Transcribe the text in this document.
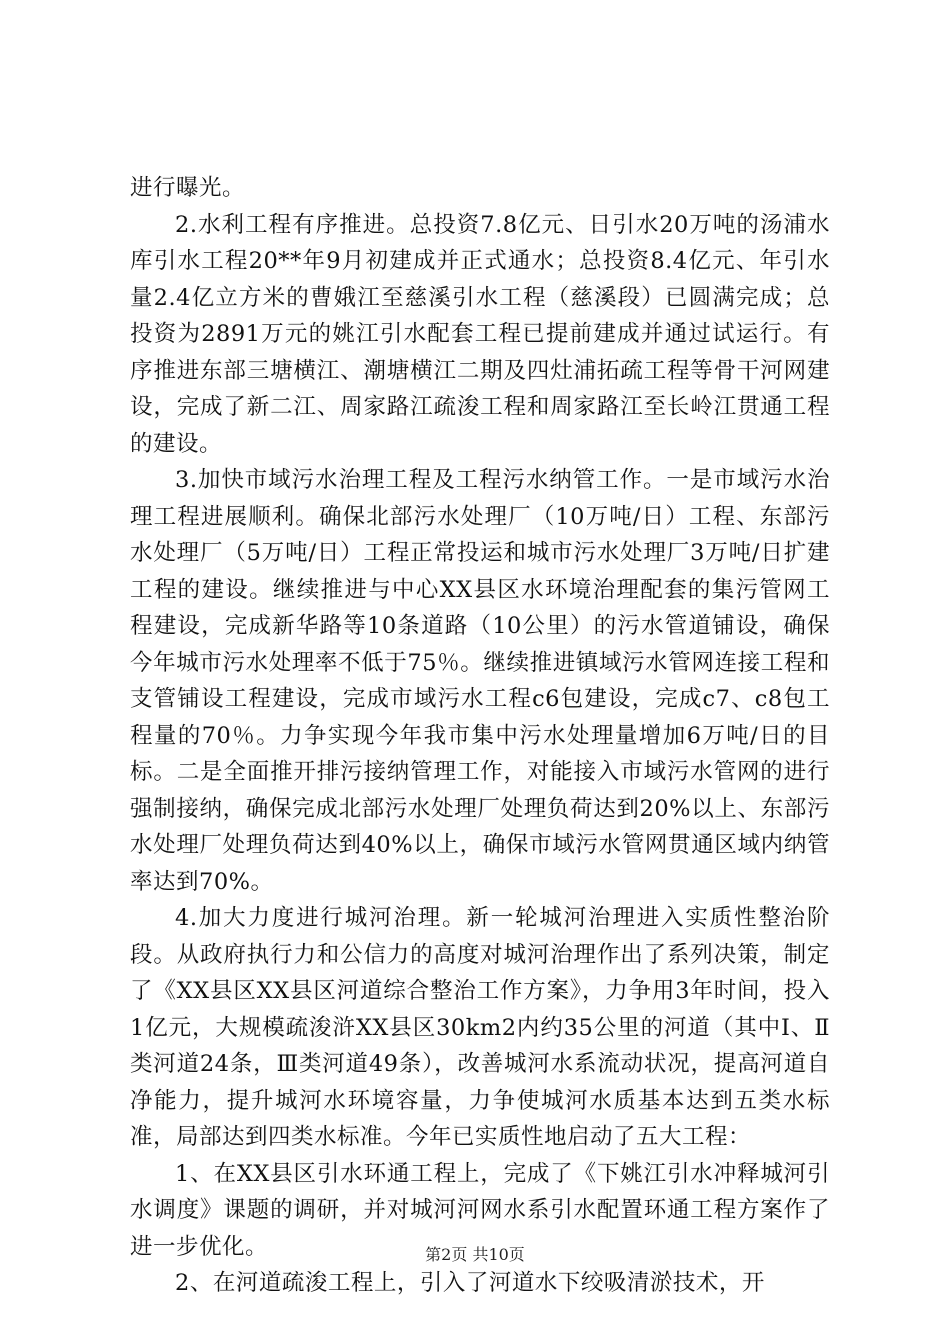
进行曝光。

2.水利工程有序推进。总投资7.8亿元、日引水20万吨的汤浦水库引水工程20**年9月初建成并正式通水；总投资8.4亿元、年引水量2.4亿立方米的曹娥江至慈溪引水工程（慈溪段）已圆满完成；总投资为2891万元的姚江引水配套工程已提前建成并通过试运行。有序推进东部三塘横江、潮塘横江二期及四灶浦拓疏工程等骨干河网建设，完成了新二江、周家路江疏浚工程和周家路江至长岭江贯通工程的建设。

3.加快市域污水治理工程及工程污水纳管工作。一是市域污水治理工程进展顺利。确保北部污水处理厂（10万吨/日）工程、东部污水处理厂（5万吨/日）工程正常投运和城市污水处理厂3万吨/日扩建工程的建设。继续推进与中心XX县区水环境治理配套的集污管网工程建设，完成新华路等10条道路（10公里）的污水管道铺设，确保今年城市污水处理率不低于75％。继续推进镇域污水管网连接工程和支管铺设工程建设，完成市域污水工程c6包建设，完成c7、c8包工程量的70％。力争实现今年我市集中污水处理量增加6万吨/日的目标。二是全面推开排污接纳管理工作，对能接入市域污水管网的进行强制接纳，确保完成北部污水处理厂处理负荷达到20%以上、东部污水处理厂处理负荷达到40%以上，确保市域污水管网贯通区域内纳管率达到70%。

4.加大力度进行城河治理。新一轮城河治理进入实质性整治阶段。从政府执行力和公信力的高度对城河治理作出了系列决策，制定了《XX县区XX县区河道综合整治工作方案》，力争用3年时间，投入1亿元，大规模疏浚浒XX县区30km2内约35公里的河道（其中Ⅰ、Ⅱ类河道24条，Ⅲ类河道49条），改善城河水系流动状况，提高河道自净能力，提升城河水环境容量，力争使城河水质基本达到五类水标准，局部达到四类水标准。今年已实质性地启动了五大工程：

1、在XX县区引水环通工程上，完成了《下姚江引水冲释城河引水调度》课题的调研，并对城河河网水系引水配置环通工程方案作了进一步优化。

2、在河道疏浚工程上，引入了河道水下绞吸清淤技术，开

第2页 共10页
